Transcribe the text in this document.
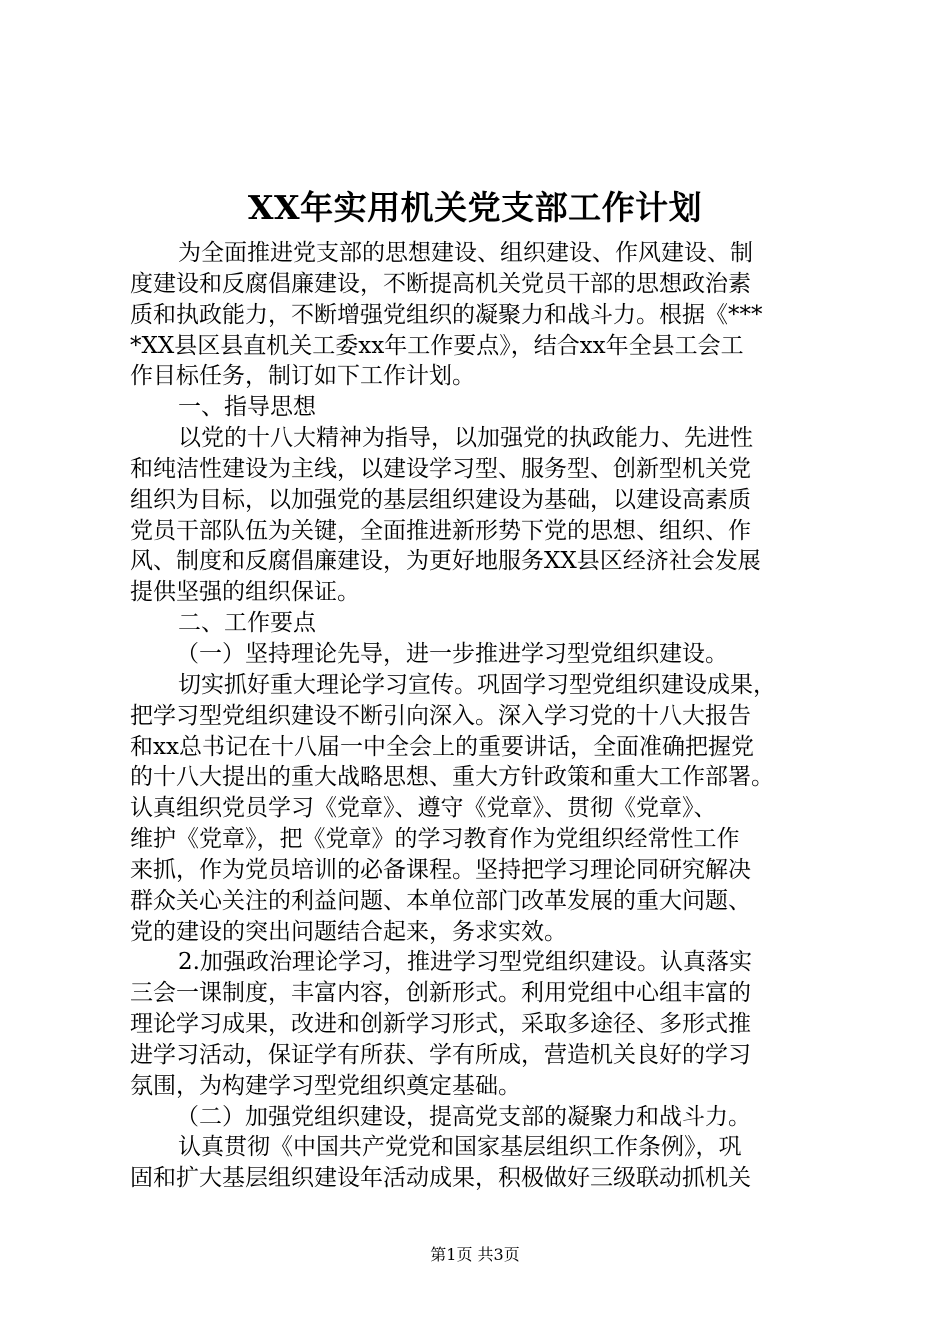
XX年实用机关党支部工作计划
为全面推进党支部的思想建设、组织建设、作风建设、制
度建设和反腐倡廉建设，不断提高机关党员干部的思想政治素
质和执政能力，不断增强党组织的凝聚力和战斗力。根据《***
*XX县区县直机关工委xx年工作要点》，结合xx年全县工会工
作目标任务，制订如下工作计划。
一、指导思想
以党的十八大精神为指导，以加强党的执政能力、先进性
和纯洁性建设为主线，以建设学习型、服务型、创新型机关党
组织为目标，以加强党的基层组织建设为基础，以建设高素质
党员干部队伍为关键，全面推进新形势下党的思想、组织、作
风、制度和反腐倡廉建设，为更好地服务XX县区经济社会发展
提供坚强的组织保证。
二、工作要点
（一）坚持理论先导，进一步推进学习型党组织建设。
切实抓好重大理论学习宣传。巩固学习型党组织建设成果，
把学习型党组织建设不断引向深入。深入学习党的十八大报告
和xx总书记在十八届一中全会上的重要讲话，全面准确把握党
的十八大提出的重大战略思想、重大方针政策和重大工作部署。
认真组织党员学习《党章》、遵守《党章》、贯彻《党章》、
维护《党章》，把《党章》的学习教育作为党组织经常性工作
来抓，作为党员培训的必备课程。坚持把学习理论同研究解决
群众关心关注的利益问题、本单位部门改革发展的重大问题、
党的建设的突出问题结合起来，务求实效。
2.加强政治理论学习，推进学习型党组织建设。认真落实
三会一课制度，丰富内容，创新形式。利用党组中心组丰富的
理论学习成果，改进和创新学习形式，采取多途径、多形式推
进学习活动，保证学有所获、学有所成，营造机关良好的学习
氛围，为构建学习型党组织奠定基础。
（二）加强党组织建设，提高党支部的凝聚力和战斗力。
认真贯彻《中国共产党党和国家基层组织工作条例》，巩
固和扩大基层组织建设年活动成果，积极做好三级联动抓机关
第1页 共3页
